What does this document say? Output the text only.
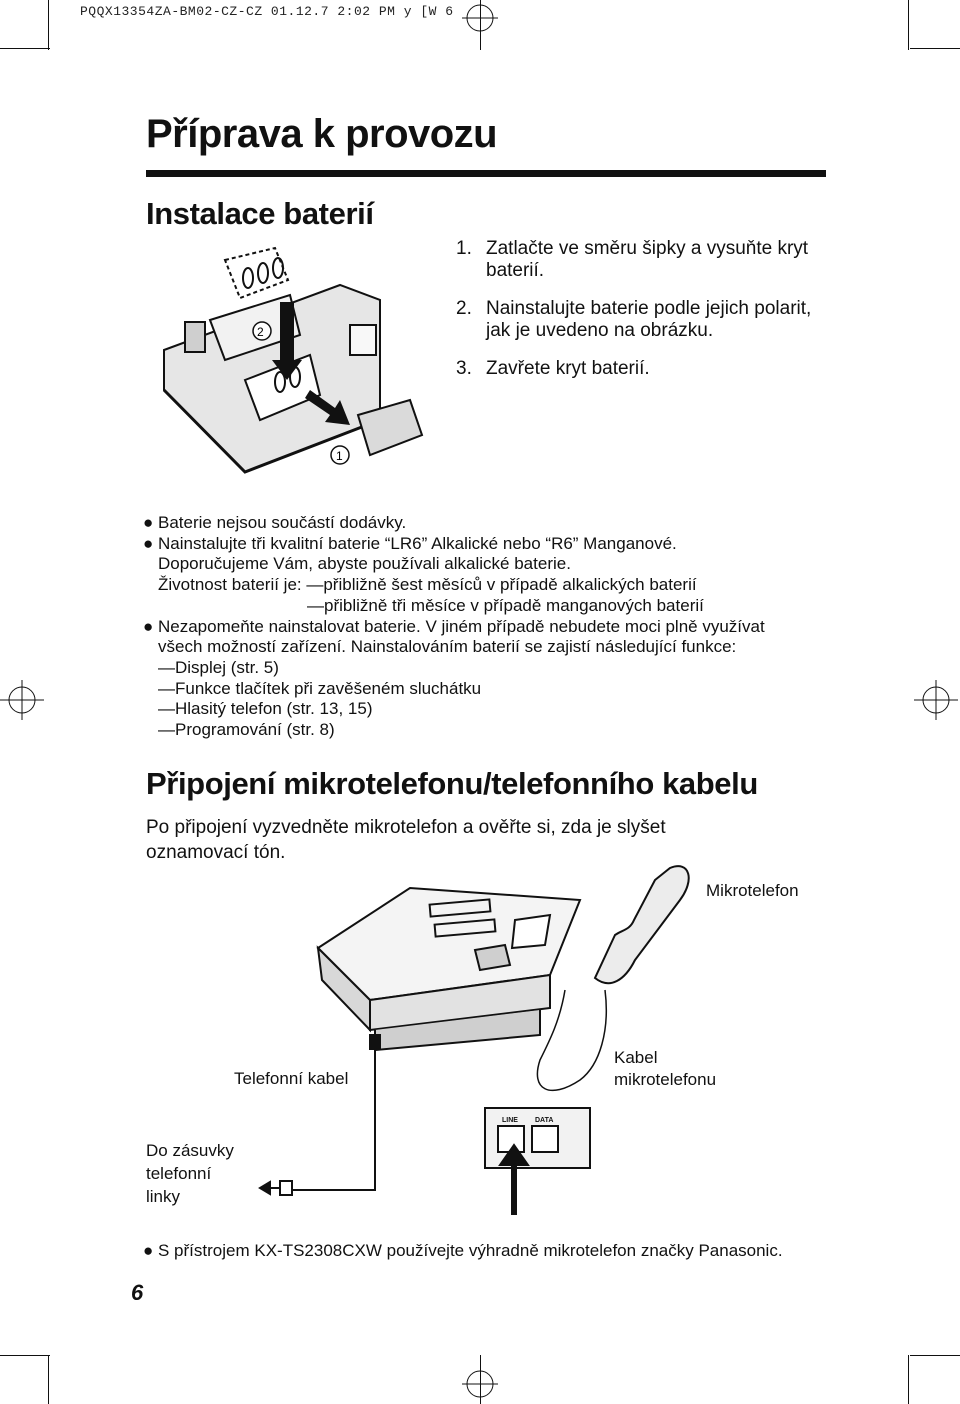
PQQX13354ZA-BM02-CZ-CZ 01.12.7 2:02 PM y [W 6
Příprava k provozu
Instalace baterií
2
1
1. Zatlačte ve směru šipky a vysuňte kryt baterií.
2. Nainstalujte baterie podle jejich polarit, jak je uvedeno na obrázku.
3. Zavřete kryt baterií.
● Baterie nejsou součástí dodávky.
● Nainstalujte tři kvalitní baterie “LR6” Alkalické nebo “R6” Manganové.
Doporučujeme Vám, abyste používali alkalické baterie.
Životnost baterií je: —přibližně šest měsíců v případě alkalických baterií
—přibližně tři měsíce v případě manganových baterií
● Nezapomeňte nainstalovat baterie. V jiném případě nebudete moci plně využívat
všech možností zařízení. Nainstalováním baterií se zajistí následující funkce:
—Displej (str. 5)
—Funkce tlačítek při zavěšeném sluchátku
—Hlasitý telefon (str. 13, 15)
—Programování (str. 8)
Připojení mikrotelefonu/telefonního kabelu
Po připojení vyzvedněte mikrotelefon a ověřte si, zda je slyšet oznamovací tón.
LINE DATA
Mikrotelefon
Telefonní kabel
Kabel
mikrotelefonu
Do zásuvky
telefonní
linky
● S přístrojem KX-TS2308CXW používejte výhradně mikrotelefon značky Panasonic.
6
